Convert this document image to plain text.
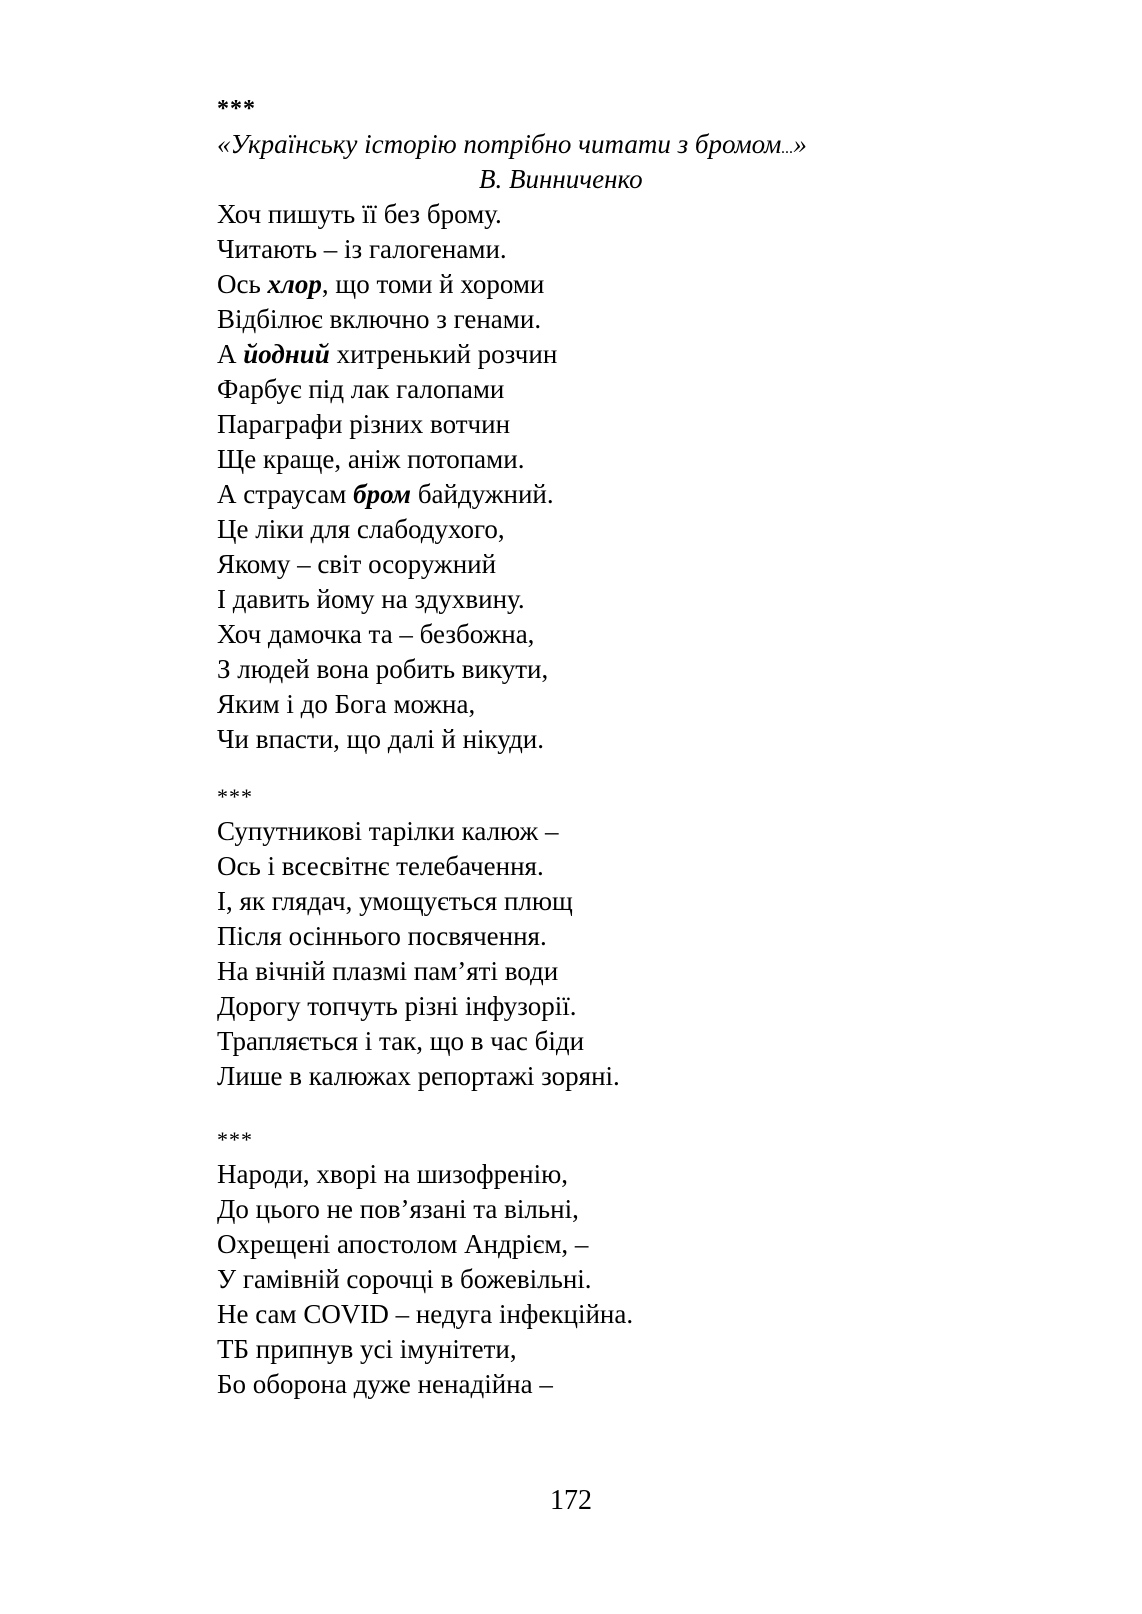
***
«Українську історію потрібно читати з бромом...»
В. Винниченко
Хоч пишуть її без брому.
Читають – із галогенами.
Ось хлор, що томи й хороми
Відбілює включно з генами.
А йодний хитренький розчин
Фарбує під лак галопами
Параграфи різних вотчин
Ще краще, аніж потопами.
А страусам бром байдужний.
Це ліки для слабодухого,
Якому – світ осоружний
І давить йому на здухвину.
Хоч дамочка та – безбожна,
З людей вона робить викути,
Яким і до Бога можна,
Чи впасти, що далі й нікуди.
***
Супутникові тарілки калюж –
Ось і всесвітнє телебачення.
І, як глядач, умощується плющ
Після осіннього посвячення.
На вічній плазмі пам’яті води
Дорогу топчуть різні інфузорії.
Трапляється і так, що в час біди
Лише в калюжах репортажі зоряні.
***
Народи, хворі на шизофренію,
До цього не пов’язані та вільні,
Охрещені апостолом Андрієм, –
У гамівній сорочці в божевільні.
Не сам COVID – недуга інфекційна.
ТБ припнув усі імунітети,
Бо оборона дуже ненадійна –
172
